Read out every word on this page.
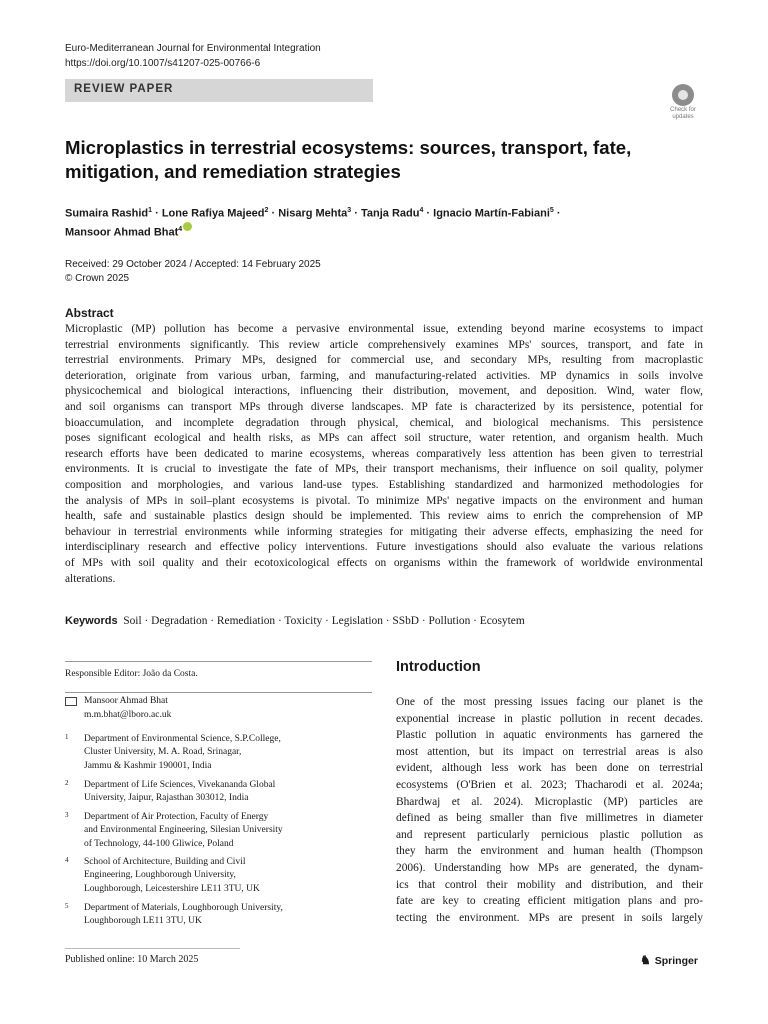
Euro-Mediterranean Journal for Environmental Integration
https://doi.org/10.1007/s41207-025-00766-6
REVIEW PAPER
Check for
updates
Microplastics in terrestrial ecosystems: sources, transport, fate,
mitigation, and remediation strategies
Sumaira Rashid$^1$ · Lone Rafiya Majeed$^2$ · Nisarg Mehta$^3$ · Tanja Radu$^4$ · Ignacio Martín-Fabiani$^5$ ·
Mansoor Ahmad Bhat$^4$
Received: 29 October 2024 / Accepted: 14 February 2025
© Crown 2025
Abstract
Microplastic (MP) pollution has become a pervasive environmental issue, extending beyond marine ecosystems to impact
terrestrial environments significantly. This review article comprehensively examines MPs' sources, transport, and fate in
terrestrial environments. Primary MPs, designed for commercial use, and secondary MPs, resulting from macroplastic
deterioration, originate from various urban, farming, and manufacturing-related activities. MP dynamics in soils involve
physicochemical and biological interactions, influencing their distribution, movement, and deposition. Wind, water flow,
and soil organisms can transport MPs through diverse landscapes. MP fate is characterized by its persistence, potential for
bioaccumulation, and incomplete degradation through physical, chemical, and biological mechanisms. This persistence
poses significant ecological and health risks, as MPs can affect soil structure, water retention, and organism health. Much
research efforts have been dedicated to marine ecosystems, whereas comparatively less attention has been given to terrestrial
environments. It is crucial to investigate the fate of MPs, their transport mechanisms, their influence on soil quality, polymer
composition and morphologies, and various land-use types. Establishing standardized and harmonized methodologies for
the analysis of MPs in soil–plant ecosystems is pivotal. To minimize MPs' negative impacts on the environment and human
health, safe and sustainable plastics design should be implemented. This review aims to enrich the comprehension of MP
behaviour in terrestrial environments while informing strategies for mitigating their adverse effects, emphasizing the need for
interdisciplinary research and effective policy interventions. Future investigations should also evaluate the various relations
of MPs with soil quality and their ecotoxicological effects on organisms within the framework of worldwide environmental
alterations.
Keywords Soil · Degradation · Remediation · Toxicity · Legislation · SSbD · Pollution · Ecosytem
Responsible Editor: João da Costa.
Mansoor Ahmad Bhat
m.m.bhat@lboro.ac.uk
1 Department of Environmental Science, S.P.College,
Cluster University, M. A. Road, Srinagar,
Jammu & Kashmir 190001, India
2 Department of Life Sciences, Vivekananda Global
University, Jaipur, Rajasthan 303012, India
3 Department of Air Protection, Faculty of Energy
and Environmental Engineering, Silesian University
of Technology, 44-100 Gliwice, Poland
4 School of Architecture, Building and Civil
Engineering, Loughborough University,
Loughborough, Leicestershire LE11 3TU, UK
5 Department of Materials, Loughborough University,
Loughborough LE11 3TU, UK
Introduction
One of the most pressing issues facing our planet is the
exponential increase in plastic pollution in recent decades.
Plastic pollution in aquatic environments has garnered the
most attention, but its impact on terrestrial areas is also
evident, although less work has been done on terrestrial
ecosystems (O'Brien et al. 2023; Thacharodi et al. 2024a;
Bhardwaj et al. 2024). Microplastic (MP) particles are
defined as being smaller than five millimetres in diameter
and represent particularly pernicious plastic pollution as
they harm the environment and human health (Thompson
2006). Understanding how MPs are generated, the dynam-
ics that control their mobility and distribution, and their
fate are key to creating efficient mitigation plans and pro-
tecting the environment. MPs are present in soils largely
Published online: 10 March 2025	♞ Springer
